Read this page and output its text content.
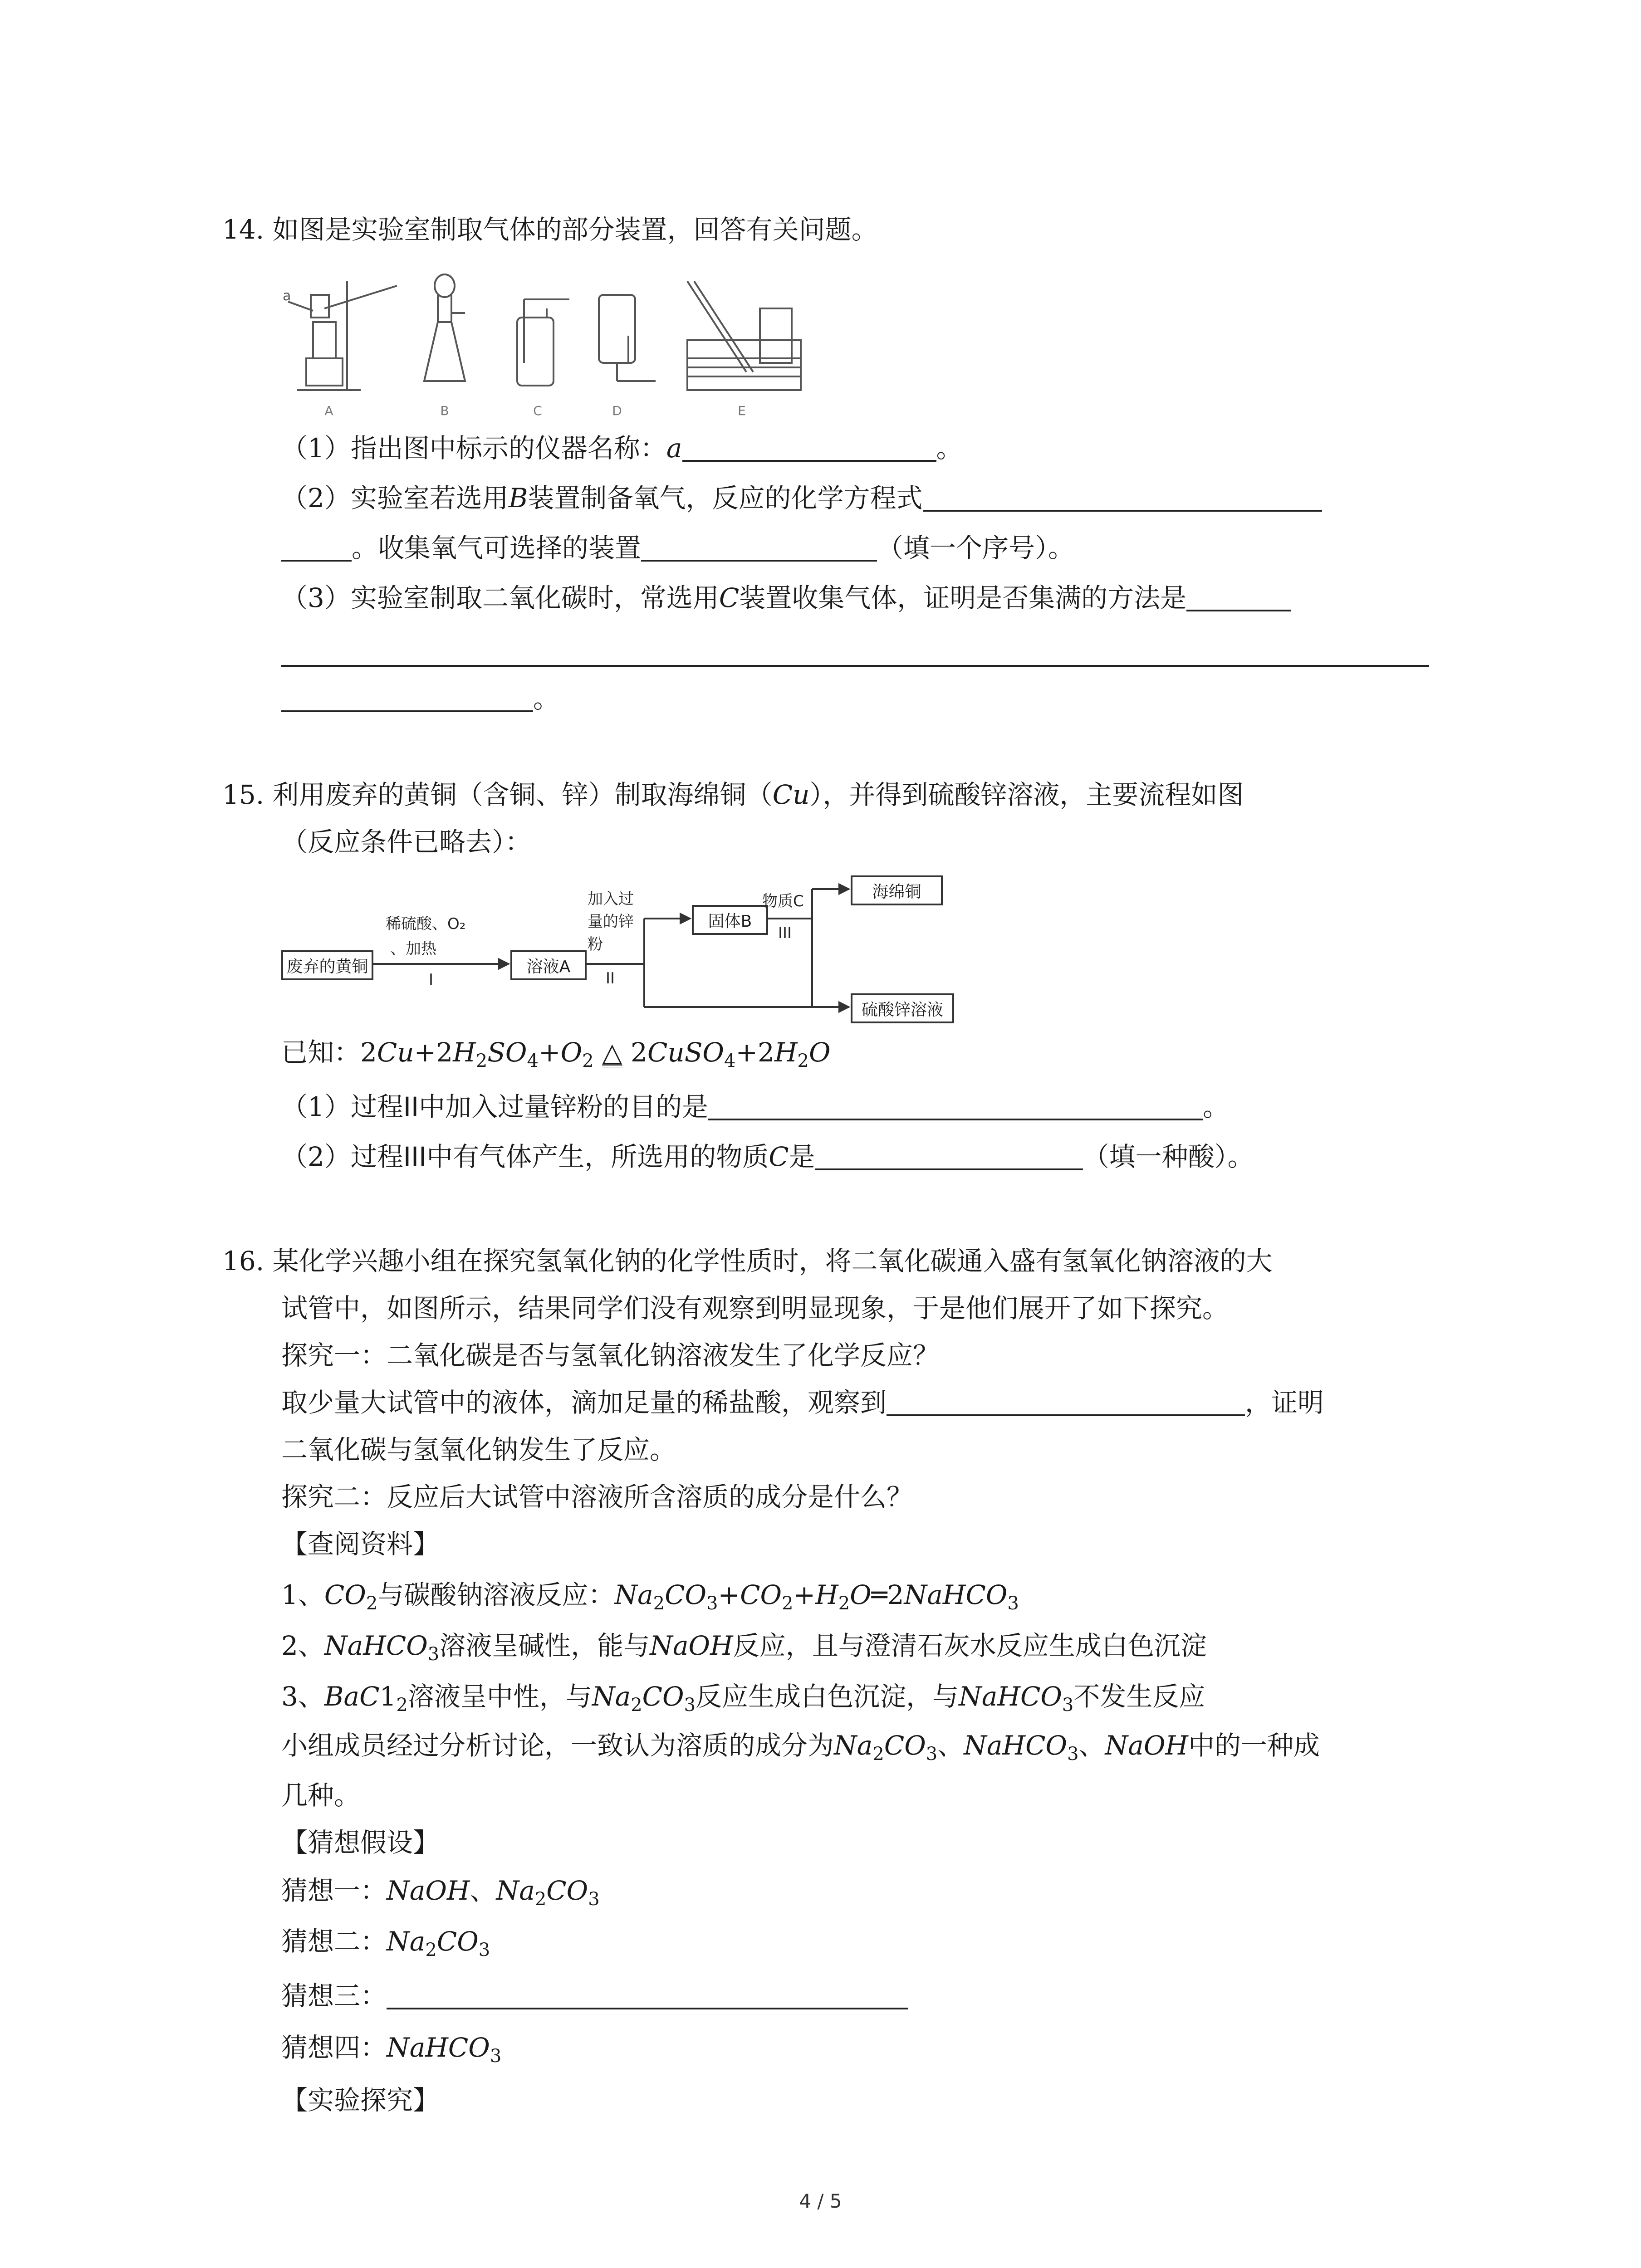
14. 如图是实验室制取气体的部分装置，回答有关问题。
a
A	B	C	D	E
（1）指出图中标示的仪器名称：a	。
（2）实验室若选用B装置制备氧气，反应的化学方程式
。收集氧气可选择的装置	（填一个序号）。
（3）实验室制取二氧化碳时，常选用C装置收集气体，证明是否集满的方法是
。
15. 利用废弃的黄铜（含铜、锌）制取海绵铜（Cu），并得到硫酸锌溶液，主要流程如图
（反应条件已略去）：
废弃的黄铜	溶液A
固体B
海绵铜
硫酸锌溶液
稀硫酸、O₂
、加热
I
加入过
量的锌
粉
II
物质C
III
已知：$2Cu+2H_2SO_4+O_2$ △ $2CuSO_4+2H_2O$
（1）过程II中加入过量锌粉的目的是	。
（2）过程III中有气体产生，所选用的物质C是	（填一种酸）。
16. 某化学兴趣小组在探究氢氧化钠的化学性质时，将二氧化碳通入盛有氢氧化钠溶液的大
试管中，如图所示，结果同学们没有观察到明显现象，于是他们展开了如下探究。
探究一：二氧化碳是否与氢氧化钠溶液发生了化学反应？
取少量大试管中的液体，滴加足量的稀盐酸，观察到	，证明
二氧化碳与氢氧化钠发生了反应。
探究二：反应后大试管中溶液所含溶质的成分是什么？
【查阅资料】
1、$CO_2$与碳酸钠溶液反应：$Na_2CO_3+CO_2+H_2O═2NaHCO_3$
2、NaHCO$_3$溶液呈碱性，能与NaOH反应，且与澄清石灰水反应生成白色沉淀
3、$BaC1_2$溶液呈中性，与$Na_2CO_3$反应生成白色沉淀，与NaHCO$_3$不发生反应
小组成员经过分析讨论，一致认为溶质的成分为$Na_2CO_3$、NaHCO$_3$、NaOH中的一种成
几种。
【猜想假设】
猜想一：NaOH、$Na_2CO_3$
猜想二：$Na_2CO_3$
猜想三：
猜想四：NaHCO$_3$
【实验探究】
4 / 5
